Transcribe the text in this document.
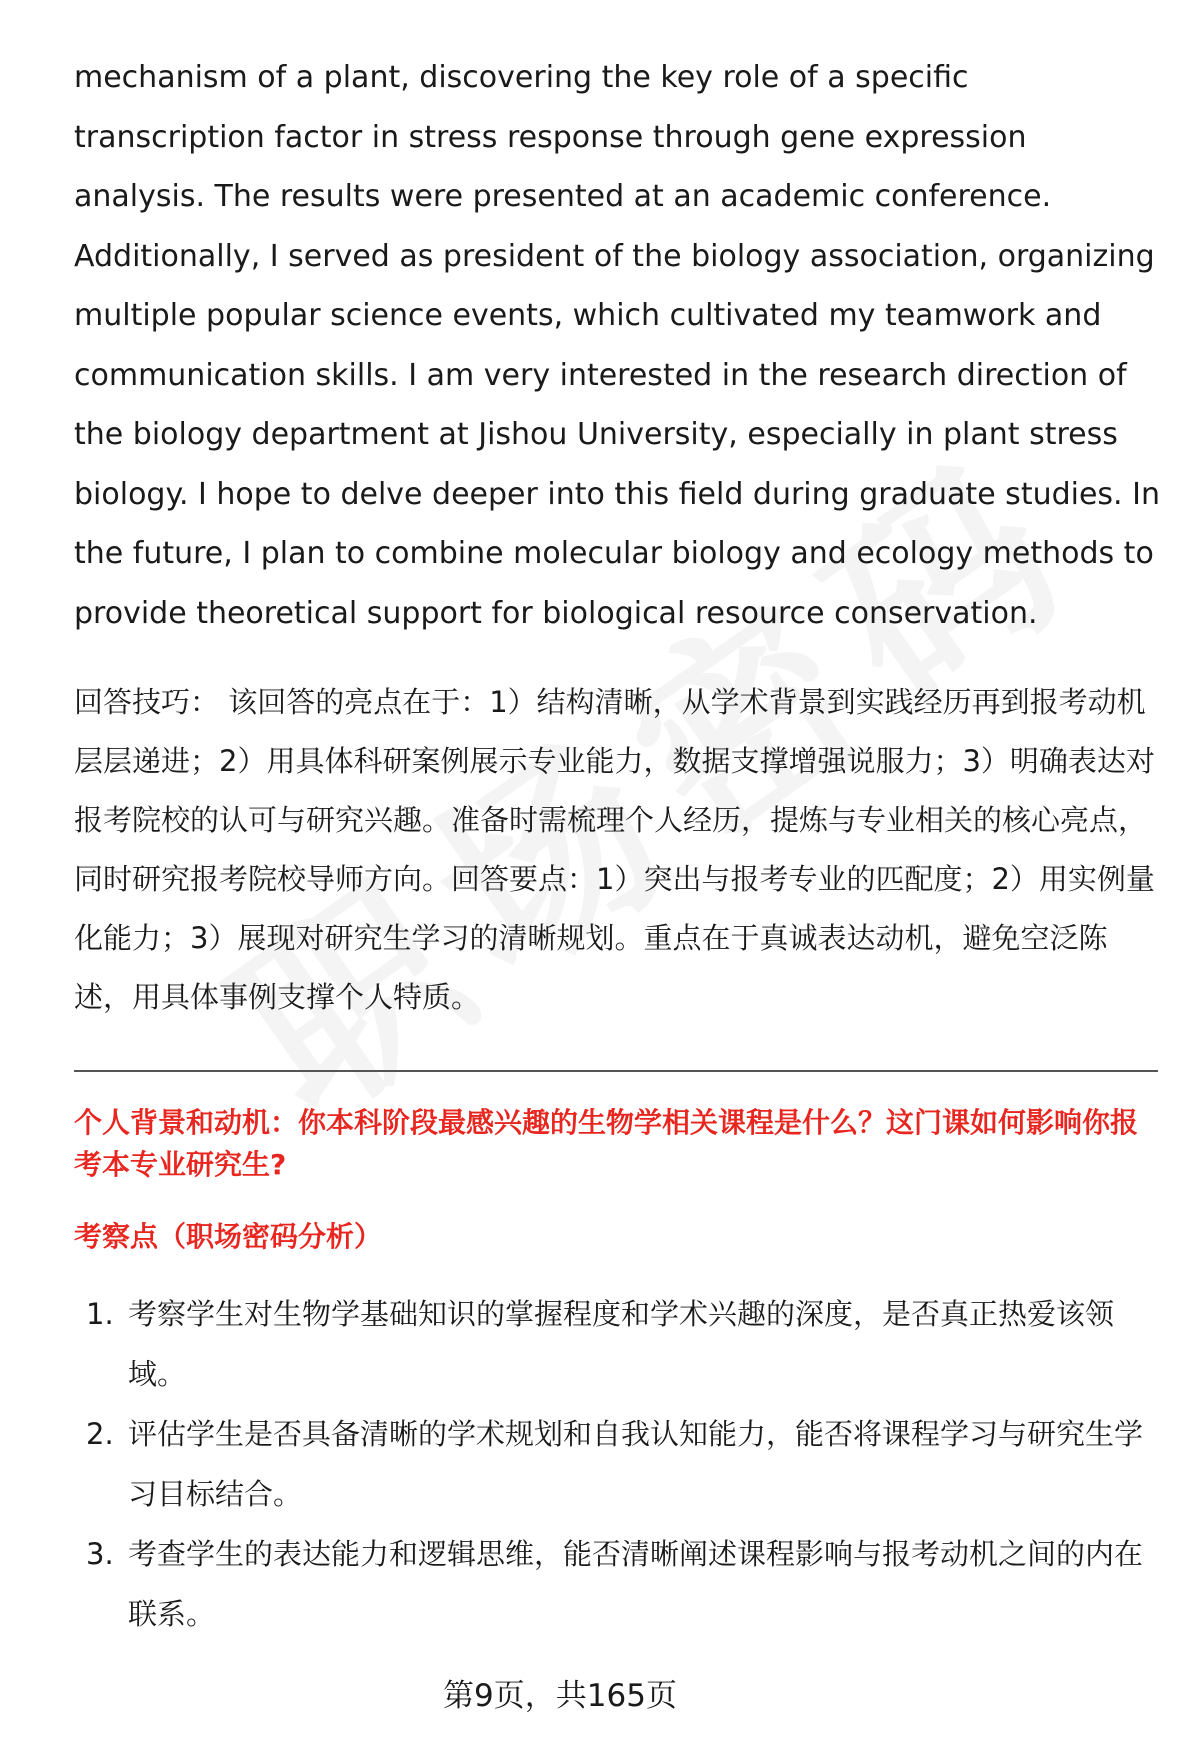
mechanism of a plant, discovering the key role of a specific transcription factor in stress response through gene expression analysis. The results were presented at an academic conference. Additionally, I served as president of the biology association, organizing multiple popular science events, which cultivated my teamwork and communication skills. I am very interested in the research direction of the biology department at Jishou University, especially in plant stress biology. I hope to delve deeper into this field during graduate studies. In the future, I plan to combine molecular biology and ecology methods to provide theoretical support for biological resource conservation.

回答技巧： 该回答的亮点在于：1）结构清晰，从学术背景到实践经历再到报考动机层层递进；2）用具体科研案例展示专业能力，数据支撑增强说服力；3）明确表达对报考院校的认可与研究兴趣。准备时需梳理个人经历，提炼与专业相关的核心亮点，同时研究报考院校导师方向。回答要点：1）突出与报考专业的匹配度；2）用实例量化能力；3）展现对研究生学习的清晰规划。重点在于真诚表达动机，避免空泛陈述，用具体事例支撑个人特质。

个人背景和动机：你本科阶段最感兴趣的生物学相关课程是什么？这门课如何影响你报考本专业研究生?
考察点（职场密码分析）
1. 考察学生对生物学基础知识的掌握程度和学术兴趣的深度，是否真正热爱该领域。
2. 评估学生是否具备清晰的学术规划和自我认知能力，能否将课程学习与研究生学习目标结合。
3. 考查学生的表达能力和逻辑思维，能否清晰阐述课程影响与报考动机之间的内在联系。
第9页，共165页
